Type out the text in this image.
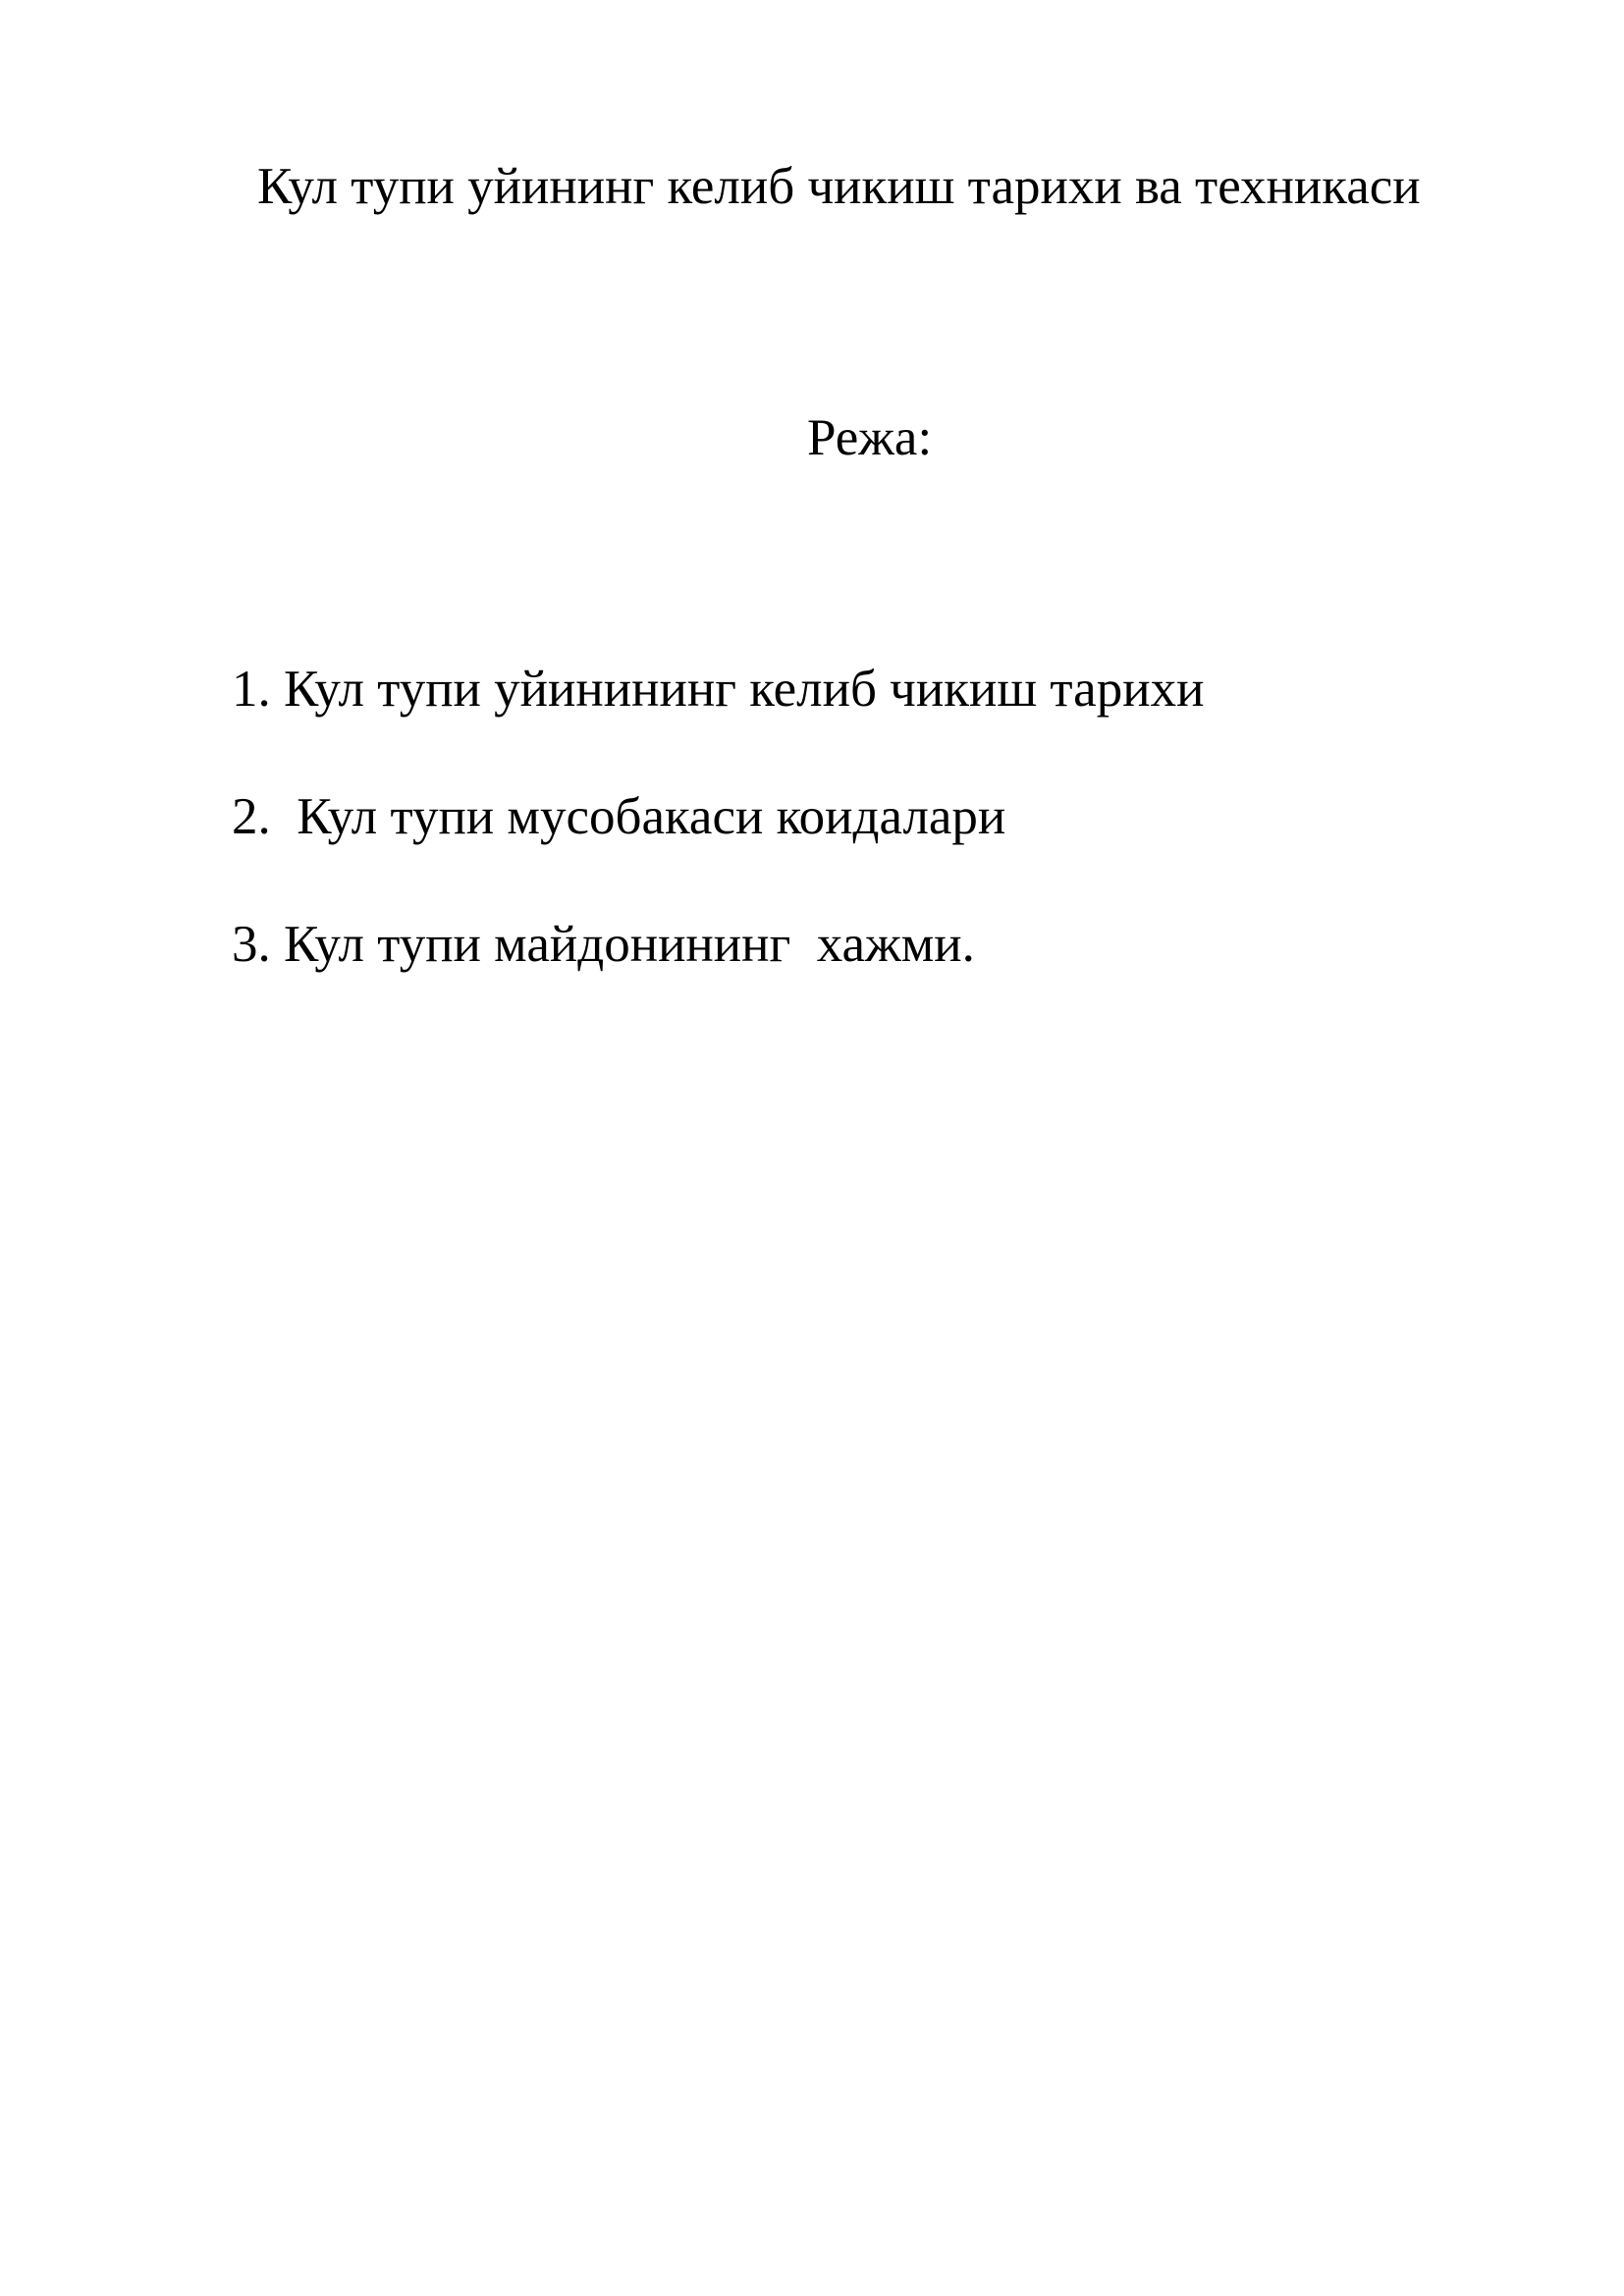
Кул тупи уйининг келиб чикиш тарихи ва техникаси
Режа:
1. Кул тупи уйинининг келиб чикиш тарихи
2.  Кул тупи мусобакаси коидалари
3. Кул тупи майдонининг  хажми.
